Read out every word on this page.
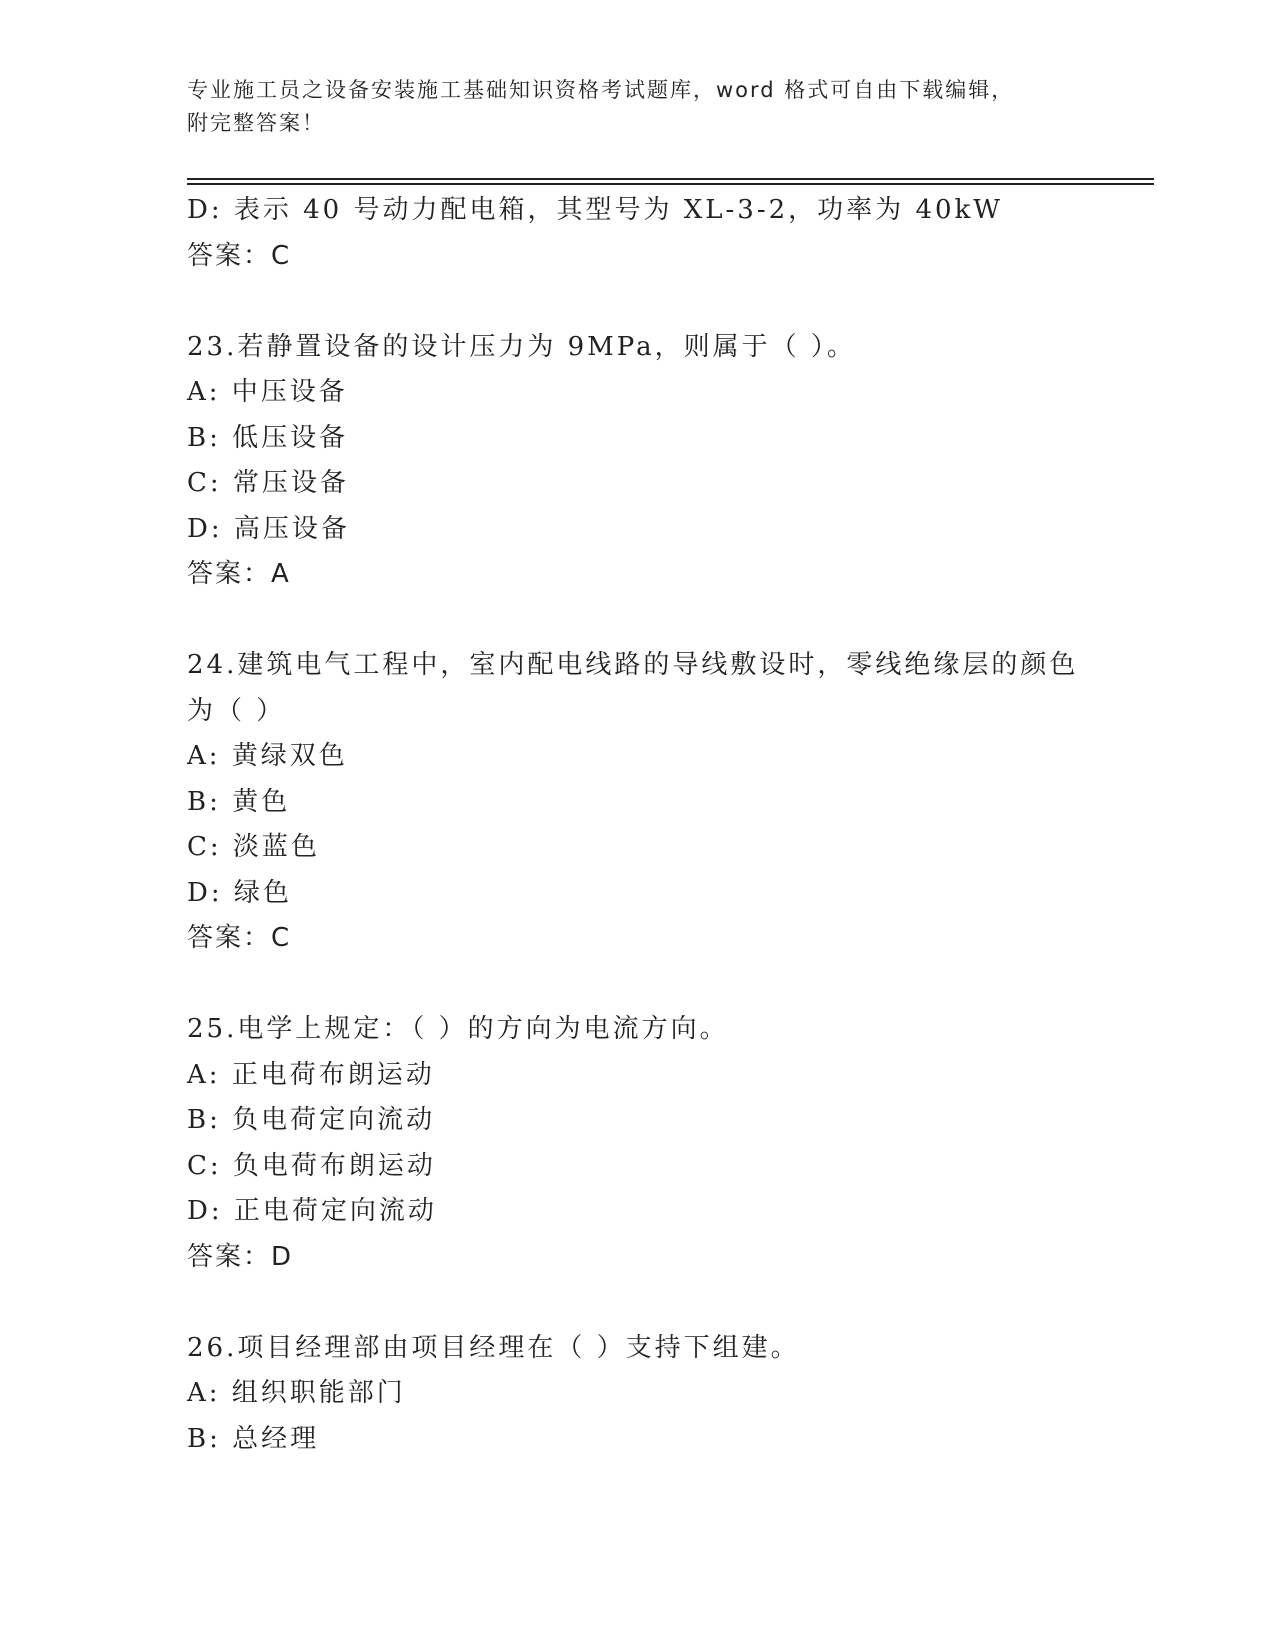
专业施工员之设备安装施工基础知识资格考试题库，word 格式可自由下载编辑，
附完整答案！
D: 表示 40 号动力配电箱，其型号为 XL-3-2，功率为 40kW
答案：C
23.若静置设备的设计压力为 9MPa，则属于（ ）。
A: 中压设备
B: 低压设备
C: 常压设备
D: 高压设备
答案：A
24.建筑电气工程中，室内配电线路的导线敷设时，零线绝缘层的颜色
为（ ）
A: 黄绿双色
B: 黄色
C: 淡蓝色
D: 绿色
答案：C
25.电学上规定：（ ）的方向为电流方向。
A: 正电荷布朗运动
B: 负电荷定向流动
C: 负电荷布朗运动
D: 正电荷定向流动
答案：D
26.项目经理部由项目经理在（ ）支持下组建。
A: 组织职能部门
B: 总经理
